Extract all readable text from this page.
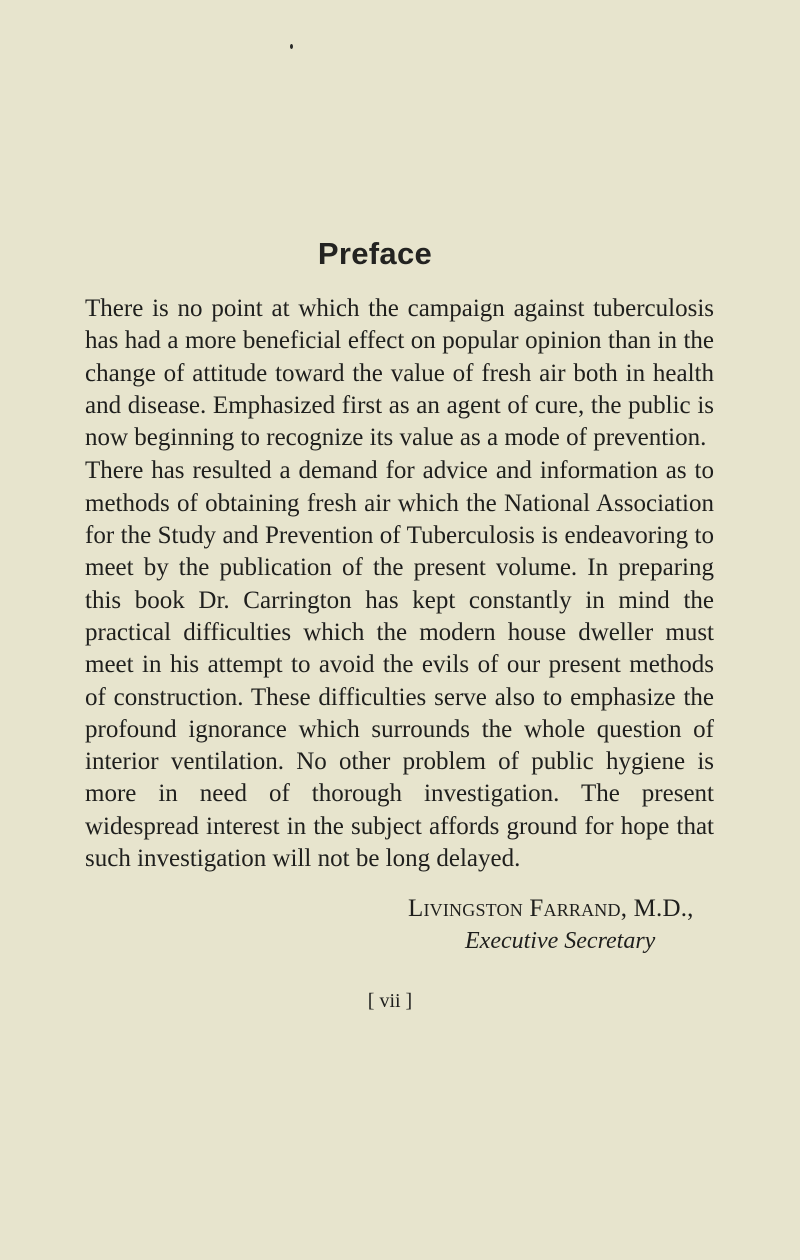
Preface

There is no point at which the campaign against tuberculosis has had a more beneficial effect on popular opinion than in the change of attitude toward the value of fresh air both in health and disease. Emphasized first as an agent of cure, the public is now beginning to recognize its value as a mode of prevention.

There has resulted a demand for advice and information as to methods of obtaining fresh air which the National Association for the Study and Prevention of Tuberculosis is endeavoring to meet by the publication of the present volume. In preparing this book Dr. Carrington has kept constantly in mind the practical difficulties which the modern house dweller must meet in his attempt to avoid the evils of our present methods of construction. These difficulties serve also to emphasize the profound ignorance which surrounds the whole question of interior ventilation. No other problem of public hygiene is more in need of thorough investigation. The present widespread interest in the subject affords ground for hope that such investigation will not be long delayed.

Livingston Farrand, M.D.,
Executive Secretary
[ vii ]
